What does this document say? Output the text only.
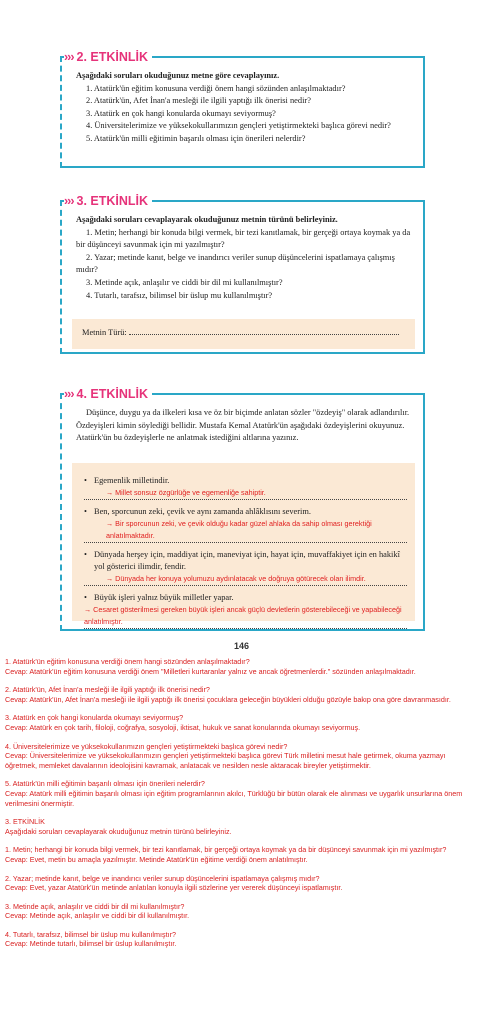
››› 2. ETKİNLİK

Aşağıdaki soruları okuduğunuz metne göre cevaplayınız.

1. Atatürk'ün eğitim konusuna verdiği önem hangi sözünden anlaşılmaktadır?

2. Atatürk'ün, Afet İnan'a mesleği ile ilgili yaptığı ilk önerisi nedir?

3. Atatürk en çok hangi konularda okumayı seviyormuş?

4. Üniversitelerimize ve yüksekokullarımızın gençleri yetiştirmekteki başlıca görevi nedir?

5. Atatürk'ün milli eğitimin başarılı olması için önerileri nelerdir?

››› 3. ETKİNLİK

Aşağıdaki soruları cevaplayarak okuduğunuz metnin türünü belirleyiniz.

1. Metin; herhangi bir konuda bilgi vermek, bir tezi kanıtlamak, bir gerçeği ortaya koymak ya da bir düşünceyi savunmak için mi yazılmıştır?

2. Yazar; metinde kanıt, belge ve inandırıcı veriler sunup düşüncelerini ispatlamaya çalışmış mıdır?

3. Metinde açık, anlaşılır ve ciddi bir dil mi kullanılmıştır?

4. Tutarlı, tarafsız, bilimsel bir üslup mu kullanılmıştır?

Metnin Türü:
››› 4. ETKİNLİK

Düşünce, duygu ya da ilkeleri kısa ve öz bir biçimde anlatan sözler "özdeyiş" olarak adlandırılır. Özdeyişleri kimin söylediği bellidir. Mustafa Kemal Atatürk'ün aşağıdaki özdeyişlerini okuyunuz. Atatürk'ün bu özdeyişlerle ne anlatmak istediğini altlarına yazınız.

• Egemenlik milletindir.
→ Millet sonsuz özgürlüğe ve egemenliğe sahiptir.
• Ben, sporcunun zeki, çevik ve aynı zamanda ahlâklısını severim.
→ Bir sporcunun zeki, ve çevik olduğu kadar güzel ahlaka da sahip olması gerektiği anlatılmaktadır.
• Dünyada herşey için, maddiyat için, maneviyat için, hayat için, muvaffakiyet için en hakikî yol gösterici ilimdir, fendir.
→ Dünyada her konuya yolumuzu aydınlatacak ve doğruya götürecek olan ilimdir.
• Büyük işleri yalnız büyük milletler yapar.
→ Cesaret gösterilmesi gereken büyük işleri ancak güçlü devletlerin gösterebileceği ve yapabileceği anlatılmıştır.
146

1. Atatürk'ün eğitim konusuna verdiği önem hangi sözünden anlaşılmaktadır?

Cevap: Atatürk'ün eğitim konusuna verdiği önem "Milletleri kurtaranlar yalnız ve ancak öğretmenlerdir." sözünden anlaşılmaktadır.

2. Atatürk'ün, Afet İnan'a mesleği ile ilgili yaptığı ilk önerisi nedir?

Cevap: Atatürk'ün, Afet İnan'a mesleği ile ilgili yaptığı ilk önerisi çocuklara geleceğin büyükleri olduğu gözüyle bakıp ona göre davranmasıdır.

3. Atatürk en çok hangi konularda okumayı seviyormuş?

Cevap: Atatürk en çok tarih, filoloji, coğrafya, sosyoloji, iktisat, hukuk ve sanat konularında okumayı seviyormuş.

4. Üniversitelerimize ve yüksekokullarımızın gençleri yetiştirmekteki başlıca görevi nedir?

Cevap: Üniversitelerimize ve yüksekokullarımızın gençleri yetiştirmekteki başlıca görevi Türk milletini mesut hale getirmek, okuma yazmayı öğretmek, memleket davalarının ideolojisini kavramak, anlatacak ve nesilden nesle aktaracak bireyler yetiştirmektir.

5. Atatürk'ün milli eğitimin başarılı olması için önerileri nelerdir?

Cevap: Atatürk milli eğitimin başarılı olması için eğitim programlarının akılcı, Türklüğü bir bütün olarak ele alınması ve uygarlık unsurlarına önem verilmesini önermiştir.

3. ETKİNLİK

Aşağıdaki soruları cevaplayarak okuduğunuz metnin türünü belirleyiniz.

1. Metin; herhangi bir konuda bilgi vermek, bir tezi kanıtlamak, bir gerçeği ortaya koymak ya da bir düşünceyi savunmak için mi yazılmıştır?

Cevap: Evet, metin bu amaçla yazılmıştır. Metinde Atatürk'ün eğitime verdiği önem anlatılmıştır.

2. Yazar; metinde kanıt, belge ve inandırıcı veriler sunup düşüncelerini ispatlamaya çalışmış mıdır?

Cevap: Evet, yazar Atatürk'ün metinde anlatılan konuyla ilgili sözlerine yer vererek düşünceyi ispatlamıştır.

3. Metinde açık, anlaşılır ve ciddi bir dil mi kullanılmıştır?

Cevap: Metinde açık, anlaşılır ve ciddi bir dil kullanılmıştır.

4. Tutarlı, tarafsız, bilimsel bir üslup mu kullanılmıştır?

Cevap: Metinde tutarlı, bilimsel bir üslup kullanılmıştır.
